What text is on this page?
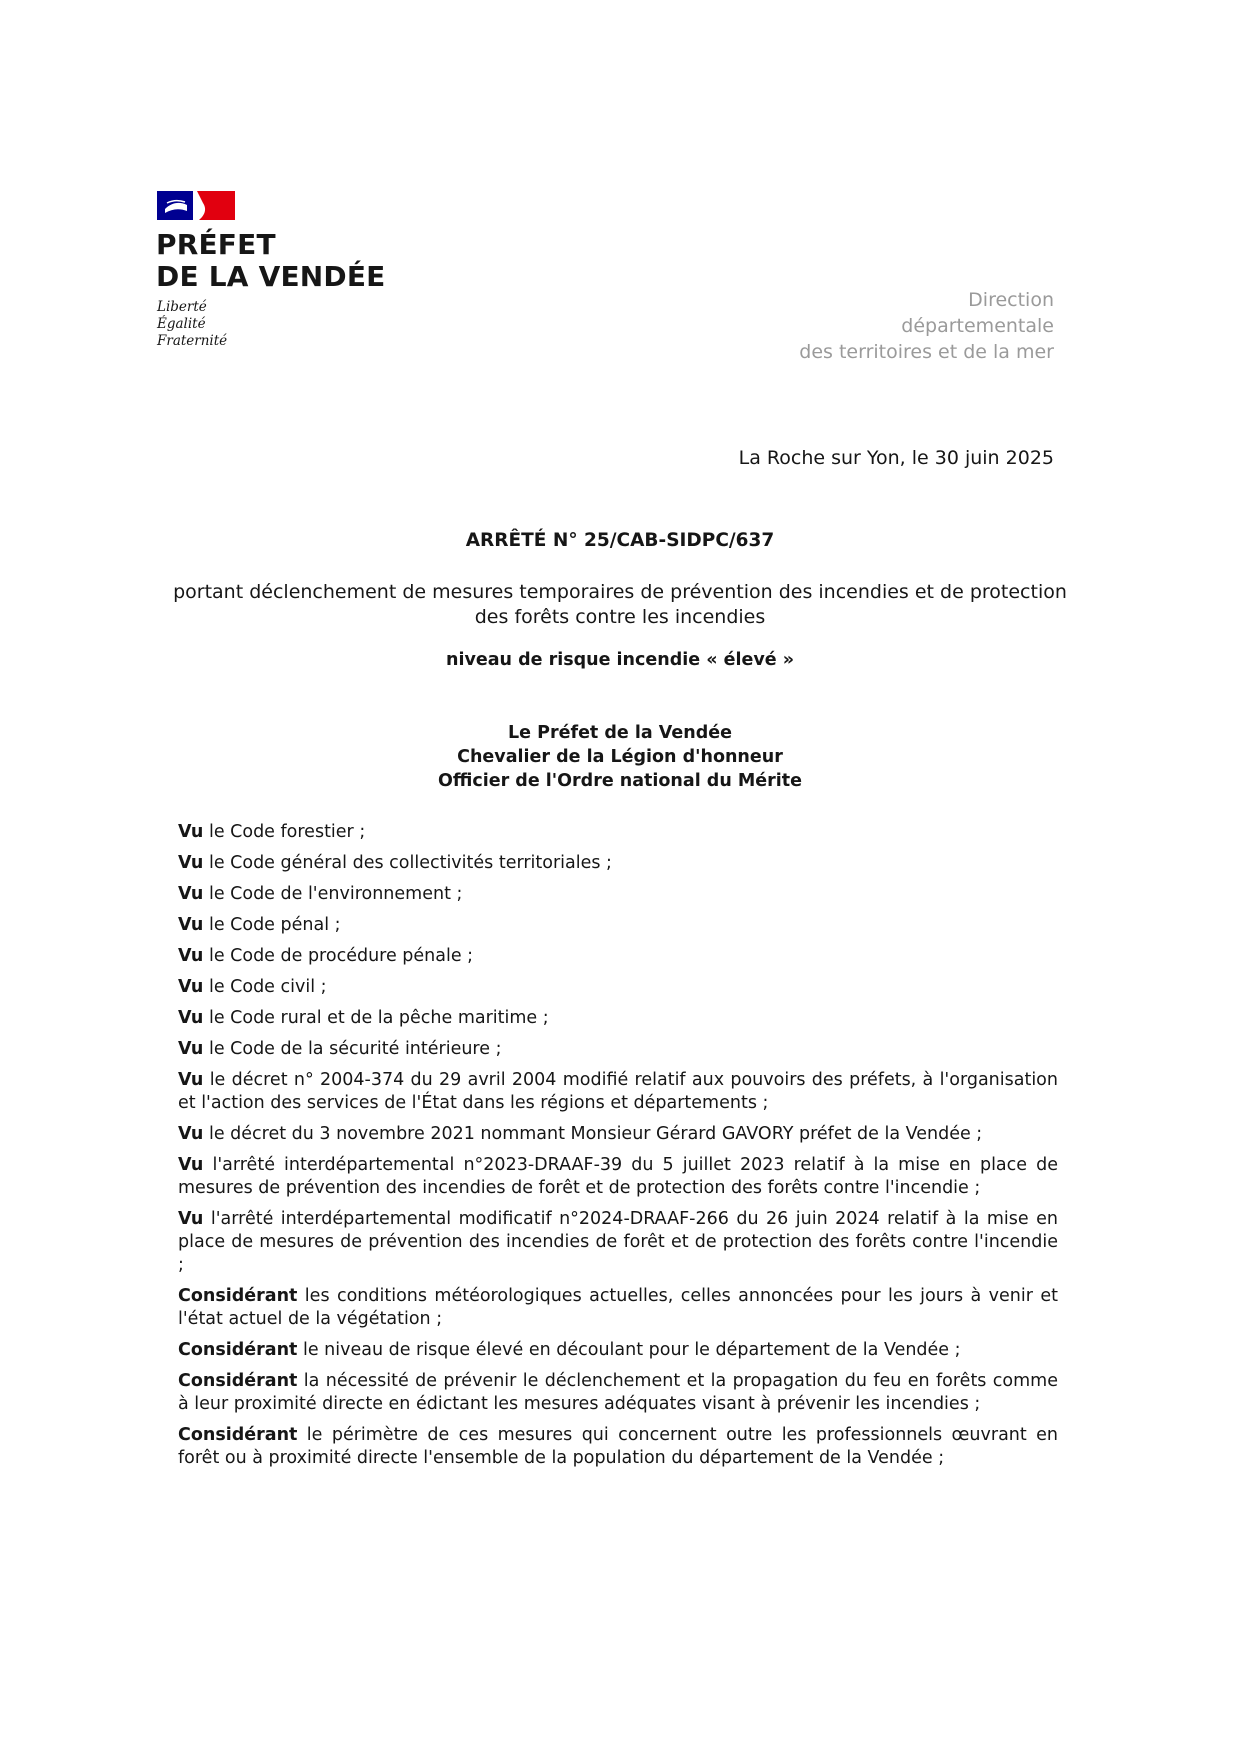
PRÉFET
DE LA VENDÉE
Liberté
Égalité
Fraternité
Direction
départementale
des territoires et de la mer
La Roche sur Yon, le 30 juin 2025
ARRÊTÉ N° 25/CAB-SIDPC/637
portant déclenchement de mesures temporaires de prévention des incendies et de protection des forêts contre les incendies
niveau de risque incendie « élevé »
Le Préfet de la Vendée
Chevalier de la Légion d'honneur
Officier de l'Ordre national du Mérite

Vu le Code forestier ;

Vu le Code général des collectivités territoriales ;

Vu le Code de l'environnement ;

Vu le Code pénal ;

Vu le Code de procédure pénale ;

Vu le Code civil ;

Vu le Code rural et de la pêche maritime ;

Vu le Code de la sécurité intérieure ;

Vu le décret n° 2004-374 du 29 avril 2004 modifié relatif aux pouvoirs des préfets, à l'organisation et l'action des services de l'État dans les régions et départements ;

Vu le décret du 3 novembre 2021 nommant Monsieur Gérard GAVORY préfet de la Vendée ;

Vu l'arrêté interdépartemental n°2023-DRAAF-39 du 5 juillet 2023 relatif à la mise en place de mesures de prévention des incendies de forêt et de protection des forêts contre l'incendie ;

Vu l'arrêté interdépartemental modificatif n°2024-DRAAF-266 du 26 juin 2024 relatif à la mise en place de mesures de prévention des incendies de forêt et de protection des forêts contre l'incendie ;

Considérant les conditions météorologiques actuelles, celles annoncées pour les jours à venir et l'état actuel de la végétation ;

Considérant le niveau de risque élevé en découlant pour le département de la Vendée ;

Considérant la nécessité de prévenir le déclenchement et la propagation du feu en forêts comme à leur proximité directe en édictant les mesures adéquates visant à prévenir les incendies ;

Considérant le périmètre de ces mesures qui concernent outre les professionnels œuvrant en forêt ou à proximité directe l'ensemble de la population du département de la Vendée ;
